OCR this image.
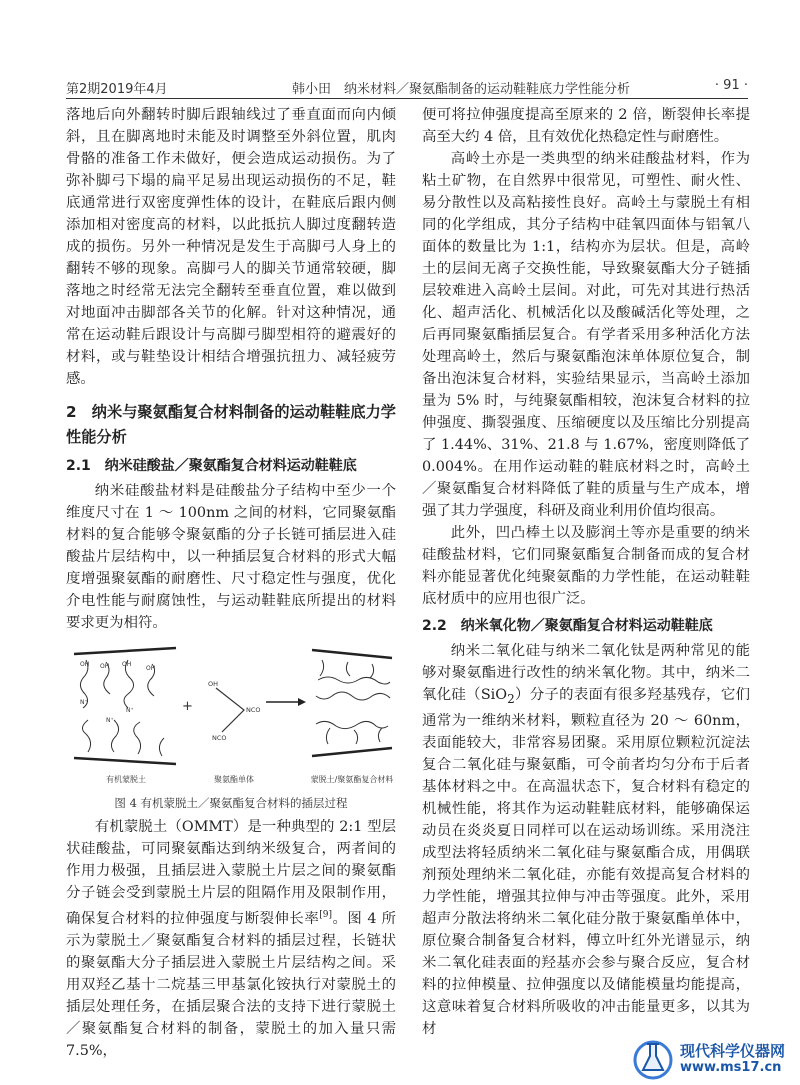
第2期2019年4月	韩小田　纳米材料／聚氨酯制备的运动鞋鞋底力学性能分析	· 91 ·

落地后向外翻转时脚后跟轴线过了垂直面而向内倾斜，且在脚离地时未能及时调整至外斜位置，肌肉骨骼的准备工作未做好，便会造成运动损伤。为了弥补脚弓下塌的扁平足易出现运动损伤的不足，鞋底通常进行双密度弹性体的设计，在鞋底后跟内侧添加相对密度高的材料，以此抵抗人脚过度翻转造成的损伤。另外一种情况是发生于高脚弓人身上的翻转不够的现象。高脚弓人的脚关节通常较硬，脚落地之时经常无法完全翻转至垂直位置，难以做到对地面冲击脚部各关节的化解。针对这种情况，通常在运动鞋后跟设计与高脚弓脚型相符的避震好的材料，或与鞋垫设计相结合增强抗扭力、减轻疲劳感。

2　纳米与聚氨酯复合材料制备的运动鞋鞋底力学性能分析
2.1　纳米硅酸盐／聚氨酯复合材料运动鞋鞋底

纳米硅酸盐材料是硅酸盐分子结构中至少一个维度尺寸在 1 ～ 100nm 之间的材料，它同聚氨酯材料的复合能够令聚氨酯的分子长链可插层进入硅酸盐片层结构中，以一种插层复合材料的形式大幅度增强聚氨酯的耐磨性、尺寸稳定性与强度，优化介电性能与耐腐蚀性，与运动鞋鞋底所提出的材料要求更为相符。

OH OH OH
OH
N⁺
N⁺
N⁺
有机蒙脱土
+
OH
NCO
NCO
聚氨酯单体	蒙脱土/聚氨酯复合材料
图 4 有机蒙脱土／聚氨酯复合材料的插层过程

有机蒙脱土（OMMT）是一种典型的 2:1 型层状硅酸盐，可同聚氨酯达到纳米级复合，两者间的作用力极强，且插层进入蒙脱土片层之间的聚氨酯分子链会受到蒙脱土片层的阻隔作用及限制作用，确保复合材料的拉伸强度与断裂伸长率[9]。图 4 所示为蒙脱土／聚氨酯复合材料的插层过程，长链状的聚氨酯大分子插层进入蒙脱土片层结构之间。采用双羟乙基十二烷基三甲基氯化铵执行对蒙脱土的插层处理任务，在插层聚合法的支持下进行蒙脱土／聚氨酯复合材料的制备，蒙脱土的加入量只需 7.5%，

便可将拉伸强度提高至原来的 2 倍，断裂伸长率提高至大约 4 倍，且有效优化热稳定性与耐磨性。

高岭土亦是一类典型的纳米硅酸盐材料，作为粘土矿物，在自然界中很常见，可塑性、耐火性、易分散性以及高粘接性良好。高岭土与蒙脱土有相同的化学组成，其分子结构中硅氧四面体与铝氧八面体的数量比为 1:1，结构亦为层状。但是，高岭土的层间无离子交换性能，导致聚氨酯大分子链插层较难进入高岭土层间。对此，可先对其进行热活化、超声活化、机械活化以及酸碱活化等处理，之后再同聚氨酯插层复合。有学者采用多种活化方法处理高岭土，然后与聚氨酯泡沫单体原位复合，制备出泡沫复合材料，实验结果显示，当高岭土添加量为 5% 时，与纯聚氨酯相较，泡沫复合材料的拉伸强度、撕裂强度、压缩硬度以及压缩比分别提高了 1.44%、31%、21.8 与 1.67%，密度则降低了 0.004%。在用作运动鞋的鞋底材料之时，高岭土／聚氨酯复合材料降低了鞋的质量与生产成本，增强了其力学强度，科研及商业利用价值均很高。

此外，凹凸棒土以及膨润土等亦是重要的纳米硅酸盐材料，它们同聚氨酯复合制备而成的复合材料亦能显著优化纯聚氨酯的力学性能，在运动鞋鞋底材质中的应用也很广泛。

2.2　纳米氧化物／聚氨酯复合材料运动鞋鞋底

纳米二氧化硅与纳米二氧化钛是两种常见的能够对聚氨酯进行改性的纳米氧化物。其中，纳米二氧化硅（SiO$_2$）分子的表面有很多羟基残存，它们通常为一维纳米材料，颗粒直径为 20 ～ 60nm，表面能较大，非常容易团聚。采用原位颗粒沉淀法复合二氧化硅与聚氨酯，可令前者均匀分布于后者基体材料之中。在高温状态下，复合材料有稳定的机械性能，将其作为运动鞋鞋底材料，能够确保运动员在炎炎夏日同样可以在运动场训练。采用浇注成型法将轻质纳米二氧化硅与聚氨酯合成，用偶联剂预处理纳米二氧化硅，亦能有效提高复合材料的力学性能，增强其拉伸与冲击等强度。此外，采用超声分散法将纳米二氧化硅分散于聚氨酯单体中，原位聚合制备复合材料，傅立叶红外光谱显示，纳米二氧化硅表面的羟基亦会参与聚合反应，复合材料的拉伸模量、拉伸强度以及储能模量均能提高，这意味着复合材料所吸收的冲击能量更多，以其为材

现代科学仪器网
www.ms17.cn
